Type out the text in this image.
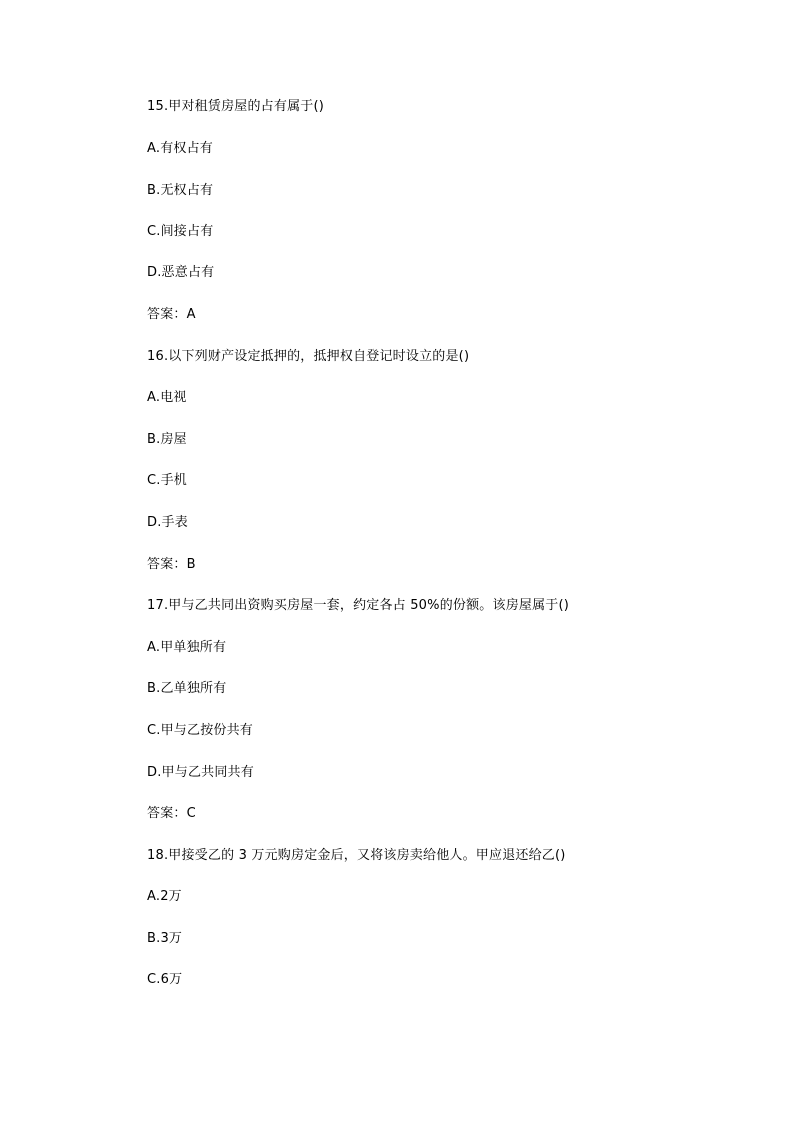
15.甲对租赁房屋的占有属于()
A.有权占有
B.无权占有
C.间接占有
D.恶意占有
答案：A
16.以下列财产设定抵押的，抵押权自登记时设立的是()
A.电视
B.房屋
C.手机
D.手表
答案：B
17.甲与乙共同出资购买房屋一套，约定各占 50%的份额。该房屋属于()
A.甲单独所有
B.乙单独所有
C.甲与乙按份共有
D.甲与乙共同共有
答案：C
18.甲接受乙的 3 万元购房定金后，又将该房卖给他人。甲应退还给乙()
A.2万
B.3万
C.6万
